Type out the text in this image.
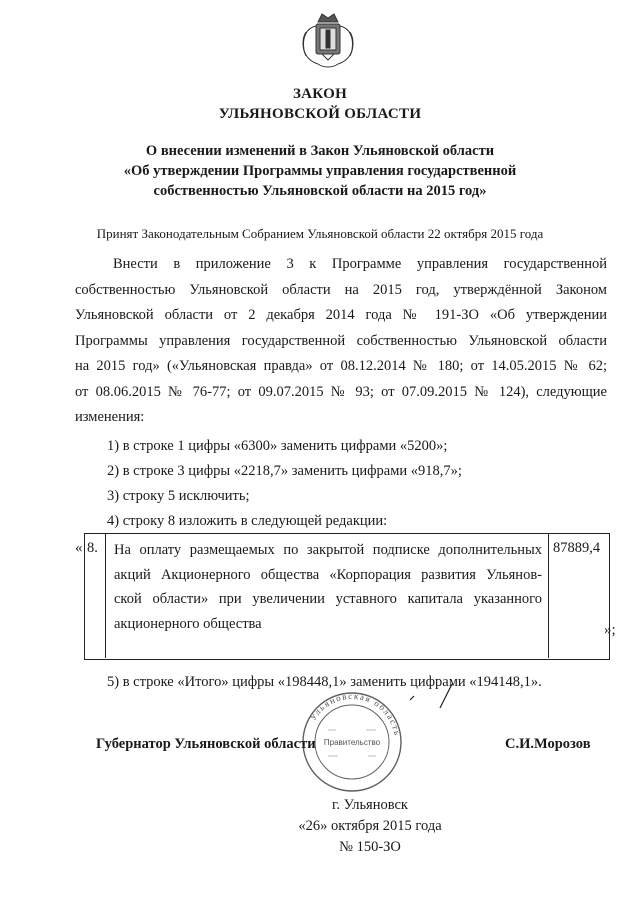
ЗАКОН
УЛЬЯНОВСКОЙ ОБЛАСТИ
О внесении изменений в Закон Ульяновской области
«Об утверждении Программы управления государственной
собственностью Ульяновской области на 2015 год»
Принят Законодательным Собранием Ульяновской области 22 октября 2015 года
Внести в приложение 3 к Программе управления государственной
собственностью Ульяновской области на 2015 год, утверждённой Законом
Ульяновской области от 2 декабря 2014 года № 191-ЗО «Об утверждении
Программы управления государственной собственностью Ульяновской области
на 2015 год» («Ульяновская правда» от 08.12.2014 № 180; от 14.05.2015 № 62;
от 08.06.2015 № 76-77; от 09.07.2015 № 93; от 07.09.2015 № 124), следующие
изменения:
1) в строке 1 цифры «6300» заменить цифрами «5200»;
2) в строке 3 цифры «2218,7» заменить цифрами «918,7»;
3) строку 5 исключить;
4) строку 8 изложить в следующей редакции:
« 8.	На оплату размещаемых по закрытой подписке дополнительных
акций Акционерного общества «Корпорация развития Ульянов-
ской области» при увеличении уставного капитала указанного
акционерного общества
87889,4
»;
5) в строке «Итого» цифры «198448,1» заменить цифрами «194148,1».
Ульяновская область
Правительство
Губернатор Ульяновской области	С.И.Морозов
г. Ульяновск
«26» октября 2015 года
№ 150-ЗО
